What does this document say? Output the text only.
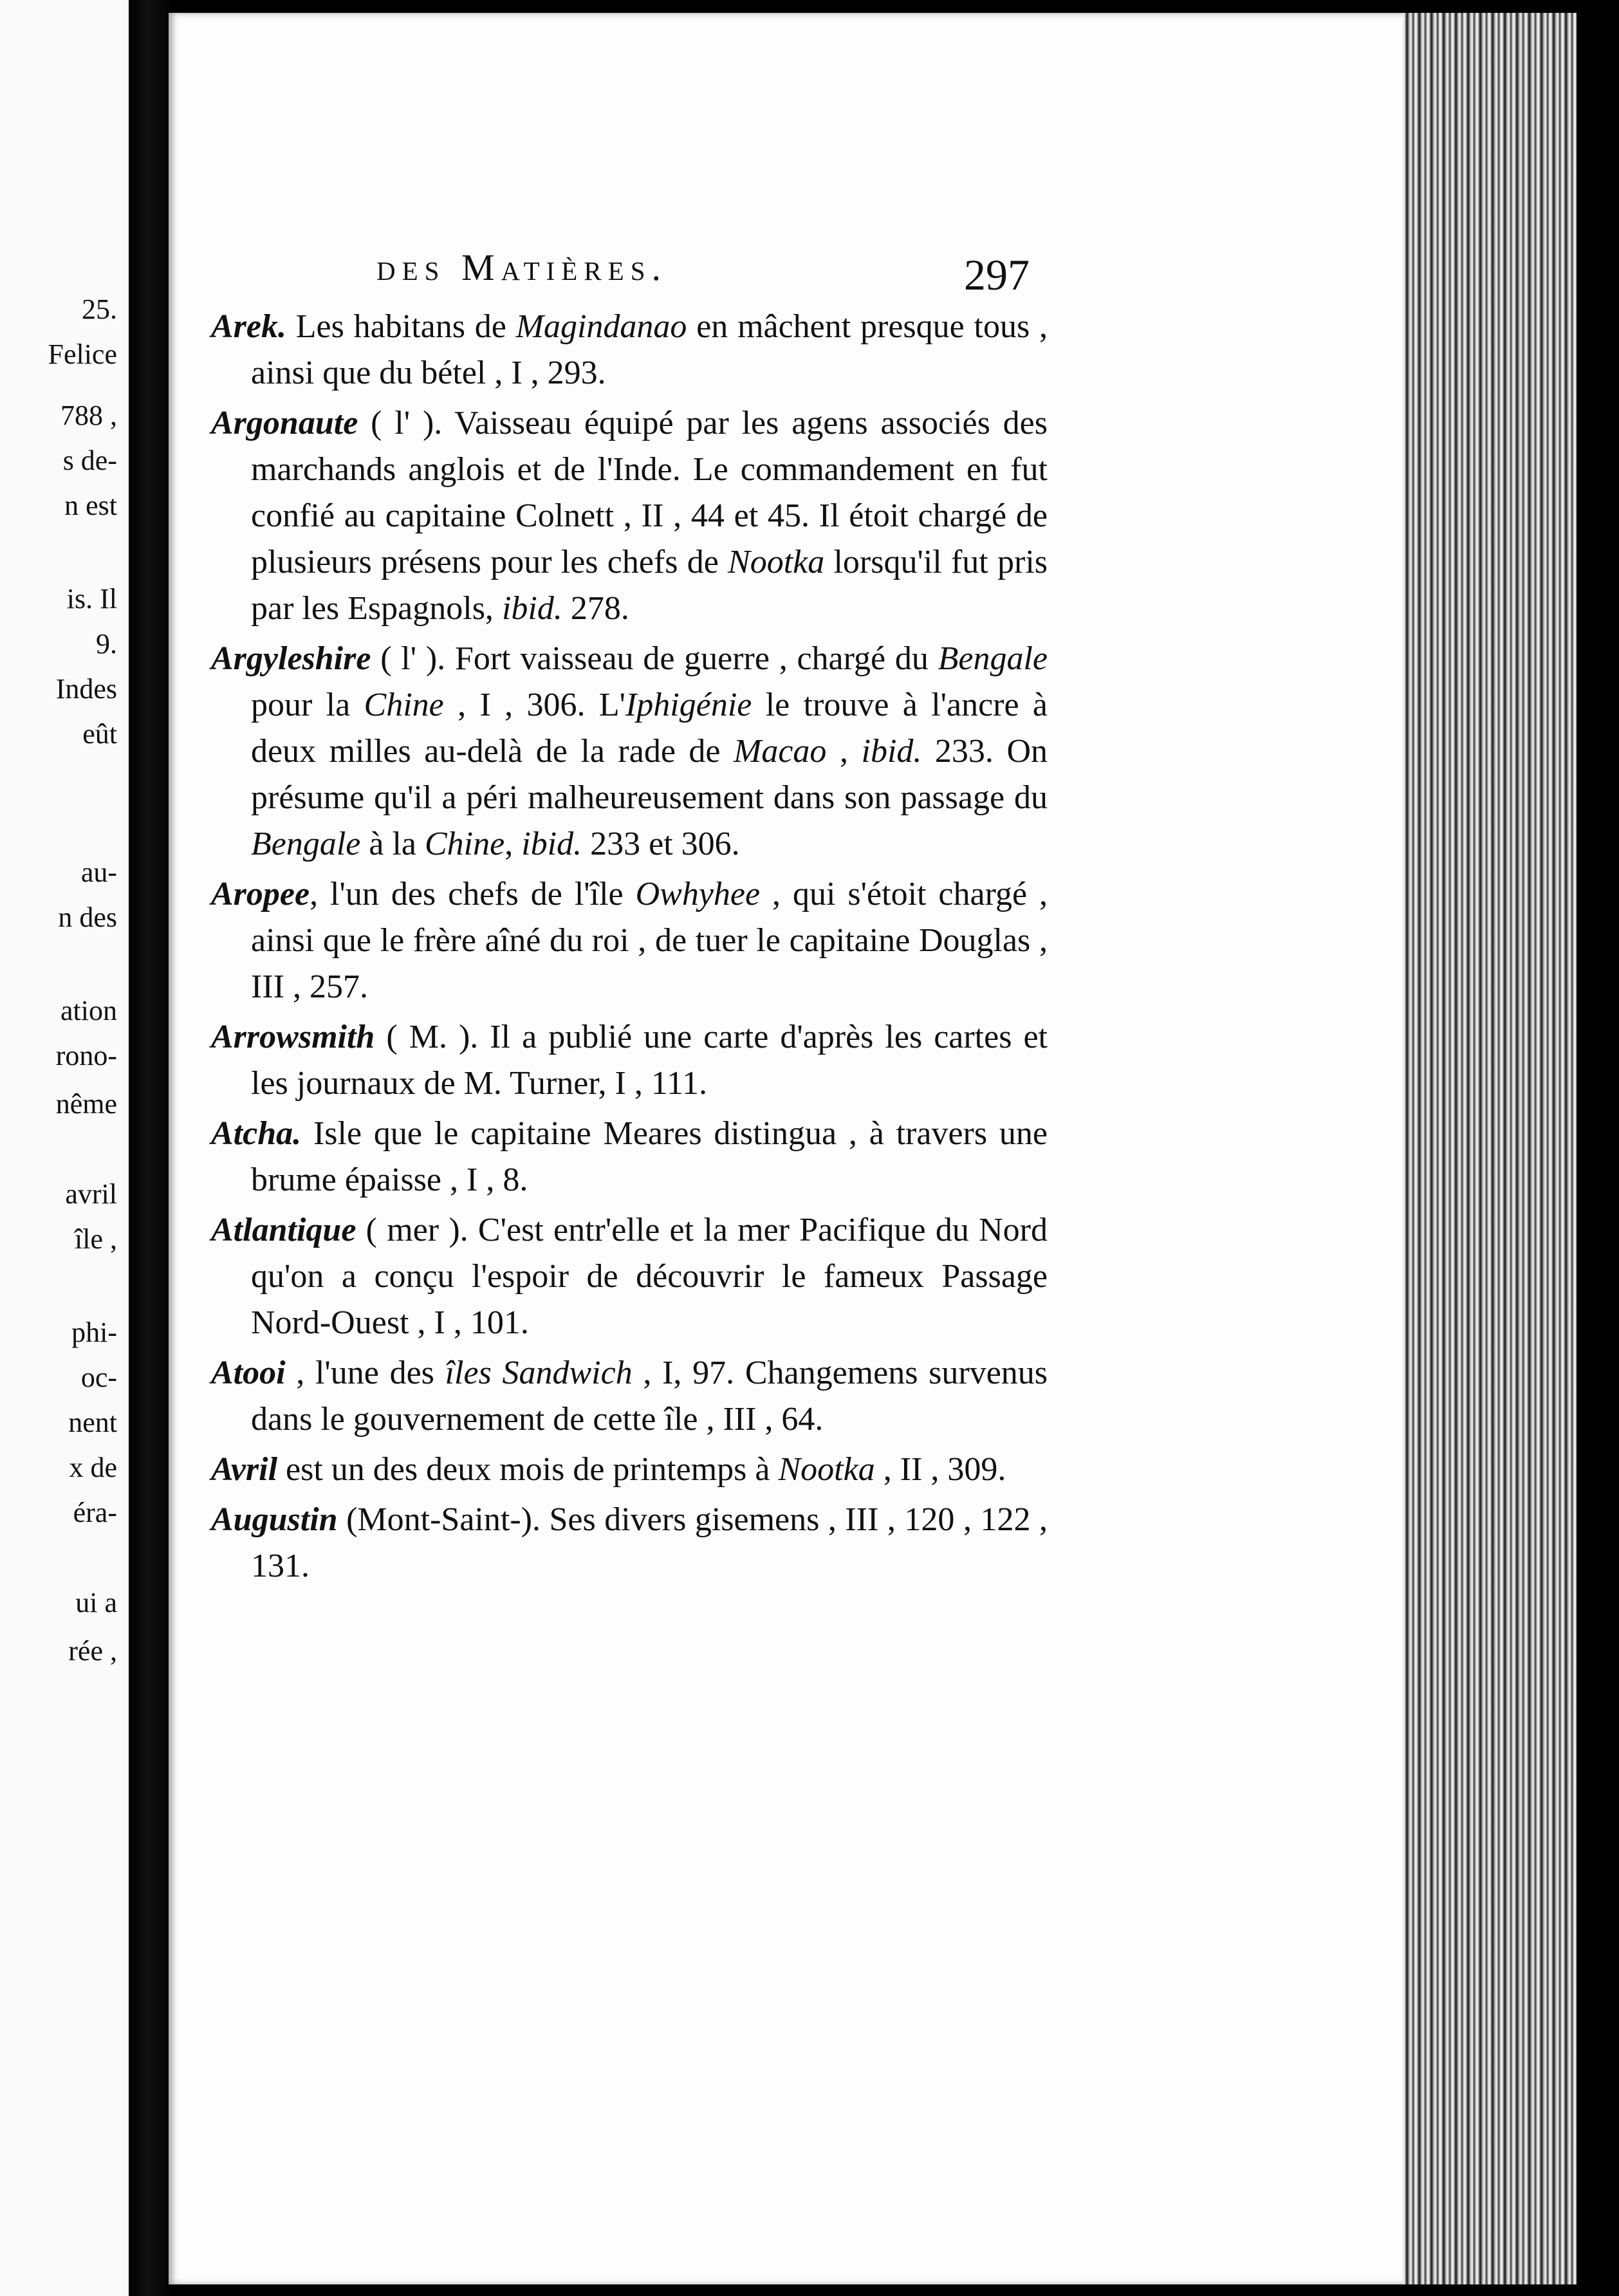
25.
Felice
788 ,
s de-
n est
is. Il
9.
Indes
eût
au-
n des
ation
rono-
nême
avril
île ,
phi-
oc-
nent
x de
éra-
ui a
rée ,
des Matières.	297
Arek. Les habitans de Magindanao en mâchent presque tous , ainsi que du bétel , I , 293.
Argonaute ( l' ). Vaisseau équipé par les agens associés des marchands anglois et de l'Inde. Le commandement en fut confié au capitaine Colnett , II , 44 et 45. Il étoit chargé de plusieurs présens pour les chefs de Nootka lorsqu'il fut pris par les Espagnols, ibid. 278.
Argyleshire ( l' ). Fort vaisseau de guerre , chargé du Bengale pour la Chine , I , 306. L'Iphigénie le trouve à l'ancre à deux milles au-delà de la rade de Macao , ibid. 233. On présume qu'il a péri malheureusement dans son passage du Bengale à la Chine, ibid. 233 et 306.
Aropee, l'un des chefs de l'île Owhyhee , qui s'étoit chargé , ainsi que le frère aîné du roi , de tuer le capitaine Douglas , III , 257.
Arrowsmith ( M. ). Il a publié une carte d'après les cartes et les journaux de M. Turner, I , 111.
Atcha. Isle que le capitaine Meares distingua , à travers une brume épaisse , I , 8.
Atlantique ( mer ). C'est entr'elle et la mer Pacifique du Nord qu'on a conçu l'espoir de découvrir le fameux Passage Nord-Ouest , I , 101.
Atooi , l'une des îles Sandwich , I, 97. Changemens survenus dans le gouvernement de cette île , III , 64.
Avril est un des deux mois de printemps à Nootka , II , 309.
Augustin (Mont-Saint-). Ses divers gisemens , III , 120 , 122 , 131.
